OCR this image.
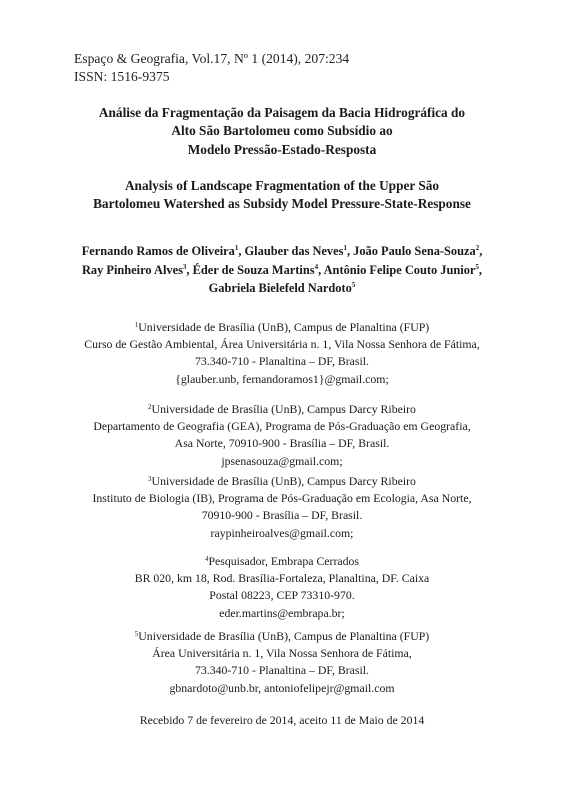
Espaço & Geografia, Vol.17, Nº 1 (2014), 207:234
ISSN: 1516-9375
Análise da Fragmentação da Paisagem da Bacia Hidrográfica do
Alto São Bartolomeu como Subsídio ao
Modelo Pressão-Estado-Resposta
Analysis of Landscape Fragmentation of the Upper São
Bartolomeu Watershed as Subsidy Model Pressure-State-Response
Fernando Ramos de Oliveira$^1$, Glauber das Neves$^1$, João Paulo Sena-Souza$^2$,
Ray Pinheiro Alves$^3$, Éder de Souza Martins$^4$, Antônio Felipe Couto Junior$^5$,
Gabriela Bielefeld Nardoto$^5$
$^1$Universidade de Brasília (UnB), Campus de Planaltina (FUP)
Curso de Gestão Ambiental, Área Universitária n. 1, Vila Nossa Senhora de Fátima,
73.340-710 - Planaltina – DF, Brasil.
{glauber.unb, fernandoramos1}@gmail.com;
$^2$Universidade de Brasília (UnB), Campus Darcy Ribeiro
Departamento de Geografia (GEA), Programa de Pós-Graduação em Geografia,
Asa Norte, 70910-900 - Brasília – DF, Brasil.
jpsenasouza@gmail.com;
$^3$Universidade de Brasília (UnB), Campus Darcy Ribeiro
Instituto de Biologia (IB), Programa de Pós-Graduação em Ecologia, Asa Norte,
70910-900 - Brasília – DF, Brasil.
raypinheiroalves@gmail.com;
$^4$Pesquisador, Embrapa Cerrados
BR 020, km 18, Rod. Brasília-Fortaleza, Planaltina, DF. Caixa
Postal 08223, CEP 73310-970.
eder.martins@embrapa.br;
$^5$Universidade de Brasília (UnB), Campus de Planaltina (FUP)
Área Universitária n. 1, Vila Nossa Senhora de Fátima,
73.340-710 - Planaltina – DF, Brasil.
gbnardoto@unb.br, antoniofelipejr@gmail.com
Recebido 7 de fevereiro de 2014, aceito 11 de Maio de 2014
